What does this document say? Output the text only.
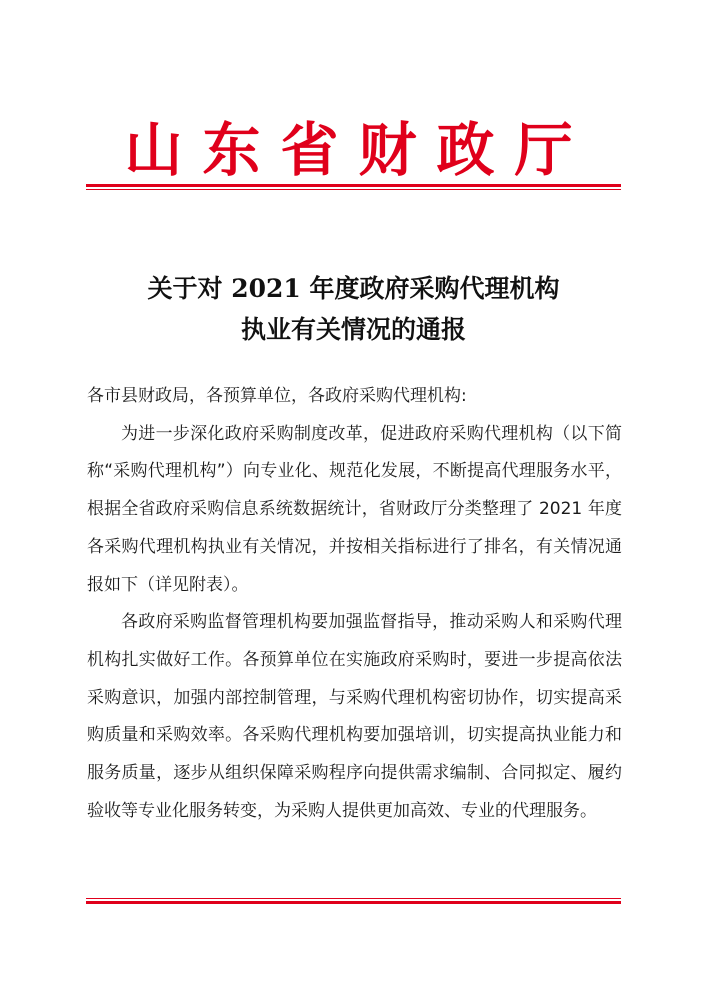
山东省财政厅
关于对 2021 年度政府采购代理机构
执业有关情况的通报

各市县财政局，各预算单位，各政府采购代理机构:

为进一步深化政府采购制度改革，促进政府采购代理机构（以下简称“采购代理机构”）向专业化、规范化发展，不断提高代理服务水平，根据全省政府采购信息系统数据统计，省财政厅分类整理了 2021 年度各采购代理机构执业有关情况，并按相关指标进行了排名，有关情况通报如下（详见附表）。

各政府采购监督管理机构要加强监督指导，推动采购人和采购代理机构扎实做好工作。各预算单位在实施政府采购时，要进一步提高依法采购意识，加强内部控制管理，与采购代理机构密切协作，切实提高采购质量和采购效率。各采购代理机构要加强培训，切实提高执业能力和服务质量，逐步从组织保障采购程序向提供需求编制、合同拟定、履约验收等专业化服务转变，为采购人提供更加高效、专业的代理服务。
